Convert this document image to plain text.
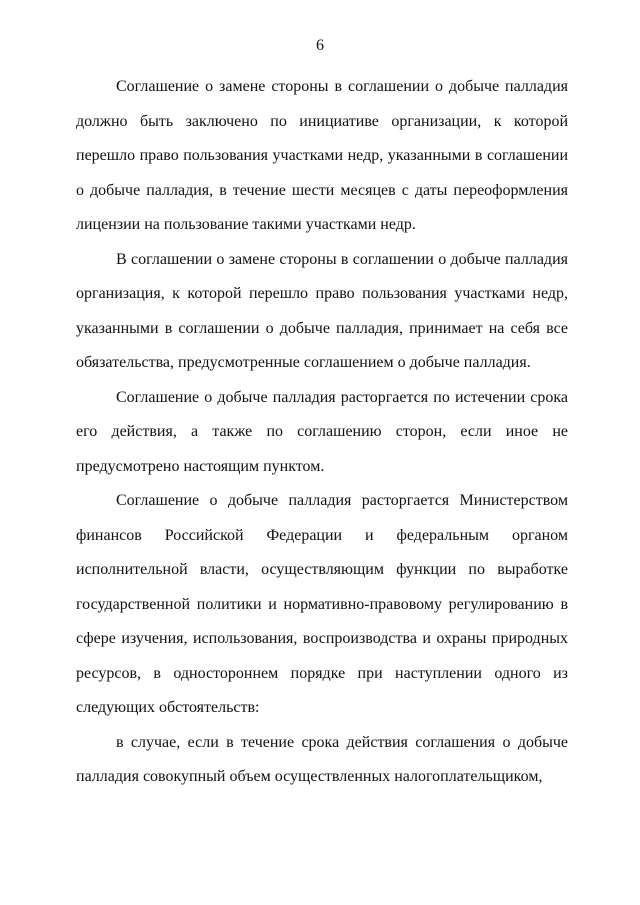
6

Соглашение о замене стороны в соглашении о добыче палладия должно быть заключено по инициативе организации, к которой перешло право пользования участками недр, указанными в соглашении о добыче палладия, в течение шести месяцев с даты переоформления лицензии на пользование такими участками недр.

В соглашении о замене стороны в соглашении о добыче палладия организация, к которой перешло право пользования участками недр, указанными в соглашении о добыче палладия, принимает на себя все обязательства, предусмотренные соглашением о добыче палладия.

Соглашение о добыче палладия расторгается по истечении срока его действия, а также по соглашению сторон, если иное не предусмотрено настоящим пунктом.

Соглашение о добыче палладия расторгается Министерством финансов Российской Федерации и федеральным органом исполнительной власти, осуществляющим функции по выработке государственной политики и нормативно-правовому регулированию в сфере изучения, использования, воспроизводства и охраны природных ресурсов, в одностороннем порядке при наступлении одного из следующих обстоятельств:

в случае, если в течение срока действия соглашения о добыче палладия совокупный объем осуществленных налогоплательщиком,
